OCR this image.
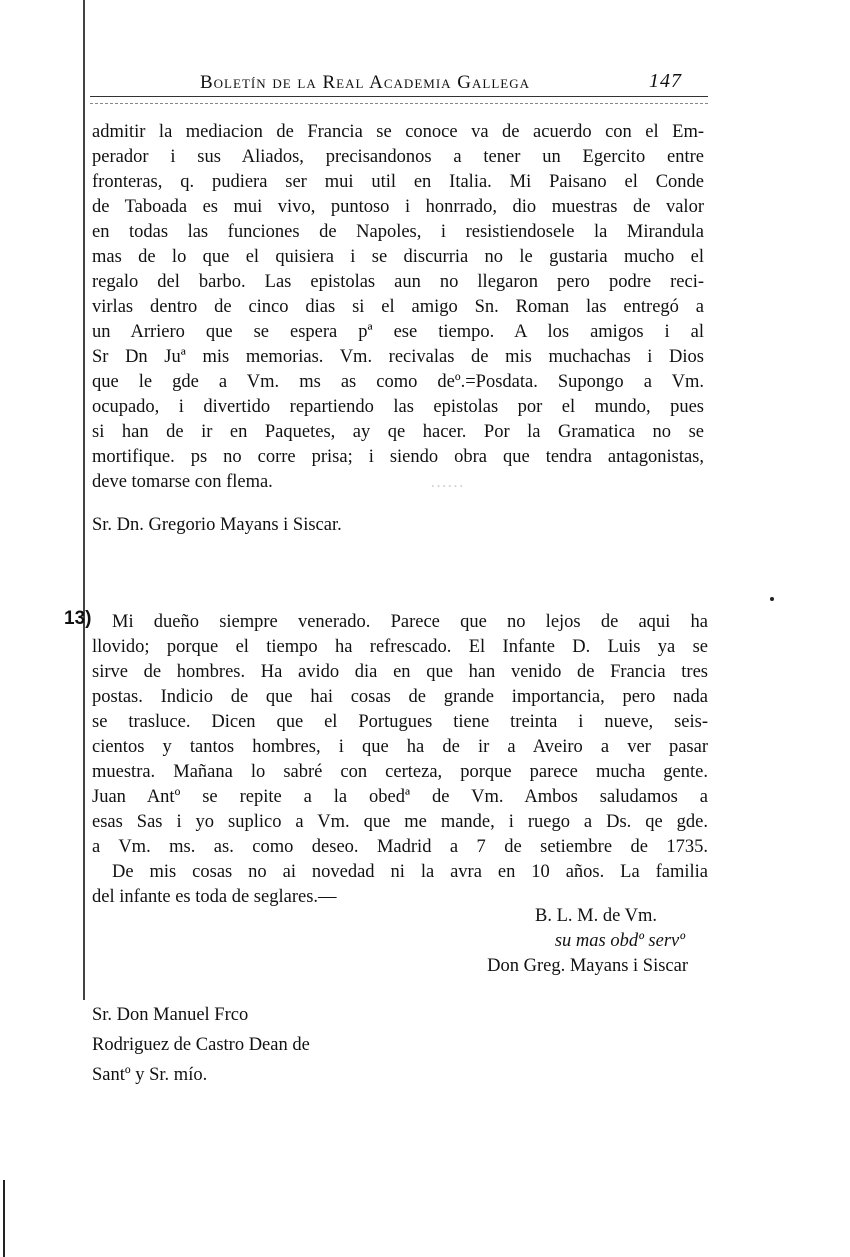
Boletín de la Real Academia Gallega	147
……
admitir la mediacion de Francia se conoce va de acuerdo con el Em-
perador i sus Aliados, precisandonos a tener un Egercito entre
fronteras, q. pudiera ser mui util en Italia. Mi Paisano el Conde
de Taboada es mui vivo, puntoso i honrrado, dio muestras de valor
en todas las funciones de Napoles, i resistiendosele la Mirandula
mas de lo que el quisiera i se discurria no le gustaria mucho el
regalo del barbo. Las epistolas aun no llegaron pero podre reci-
virlas dentro de cinco dias si el amigo Sn. Roman las entregó a
un Arriero que se espera pª ese tiempo. A los amigos i al
Sr Dn Juª mis memorias. Vm. recivalas de mis muchachas i Dios
que le gde a Vm. ms as como deº.=Posdata. Supongo a Vm.
ocupado, i divertido repartiendo las epistolas por el mundo, pues
si han de ir en Paquetes, ay qe hacer. Por la Gramatica no se
mortifique. ps no corre prisa; i siendo obra que tendra antagonistas,
deve tomarse con flema.
Sr. Dn. Gregorio Mayans i Siscar.
13) Mi dueño siempre venerado. Parece que no lejos de aqui ha
llovido; porque el tiempo ha refrescado. El Infante D. Luis ya se
sirve de hombres. Ha avido dia en que han venido de Francia tres
postas. Indicio de que hai cosas de grande importancia, pero nada
se trasluce. Dicen que el Portugues tiene treinta i nueve, seis-
cientos y tantos hombres, i que ha de ir a Aveiro a ver pasar
muestra. Mañana lo sabré con certeza, porque parece mucha gente.
Juan Antº se repite a la obedª de Vm. Ambos saludamos a
esas Sas i yo suplico a Vm. que me mande, i ruego a Ds. qe gde.
a Vm. ms. as. como deseo. Madrid a 7 de setiembre de 1735.
De mis cosas no ai novedad ni la avra en 10 años. La familia
del infante es toda de seglares.—
B. L. M. de Vm.
su mas obdº servº
Don Greg. Mayans i Siscar
Sr. Don Manuel Frco
Rodriguez de Castro Dean de
Santº y Sr. mío.
